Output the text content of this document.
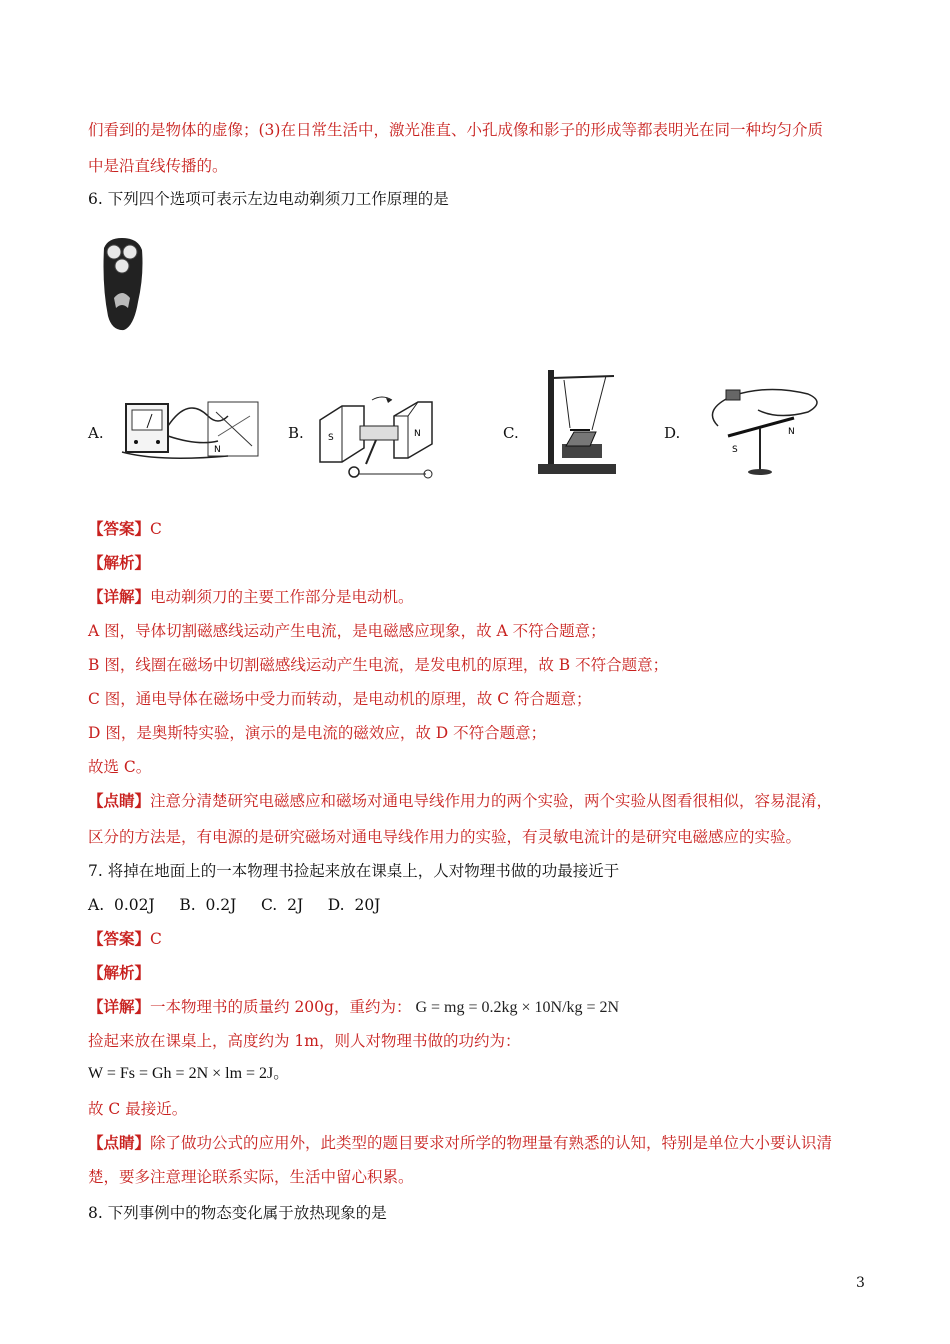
们看到的是物体的虚像；(3)在日常生活中，激光准直、小孔成像和影子的形成等都表明光在同一种均匀介质
中是沿直线传播的。
6. 下列四个选项可表示左边电动剃须刀工作原理的是
A.
N
B.	S	N	C.	D.
S
N
【答案】C
【解析】
【详解】电动剃须刀的主要工作部分是电动机。
A 图，导体切割磁感线运动产生电流，是电磁感应现象，故 A 不符合题意；
B 图，线圈在磁场中切割磁感线运动产生电流，是发电机的原理，故 B 不符合题意；
C 图，通电导体在磁场中受力而转动，是电动机的原理，故 C 符合题意；
D 图，是奥斯特实验，演示的是电流的磁效应，故 D 不符合题意；
故选 C。
【点睛】注意分清楚研究电磁感应和磁场对通电导线作用力的两个实验，两个实验从图看很相似，容易混淆，
区分的方法是，有电源的是研究磁场对通电导线作用力的实验，有灵敏电流计的是研究电磁感应的实验。
7. 将掉在地面上的一本物理书捡起来放在课桌上，人对物理书做的功最接近于
A.  0.02J     B.  0.2J     C.  2J     D.  20J
【答案】C
【解析】
【详解】一本物理书的质量约 200g，重约为： G = mg = 0.2kg × 10N/kg = 2N
捡起来放在课桌上，高度约为 1m，则人对物理书做的功约为：
W = Fs = Gh = 2N × lm = 2J。
故 C 最接近。
【点睛】除了做功公式的应用外，此类型的题目要求对所学的物理量有熟悉的认知，特别是单位大小要认识清
楚，要多注意理论联系实际，生活中留心积累。
8. 下列事例中的物态变化属于放热现象的是
3
